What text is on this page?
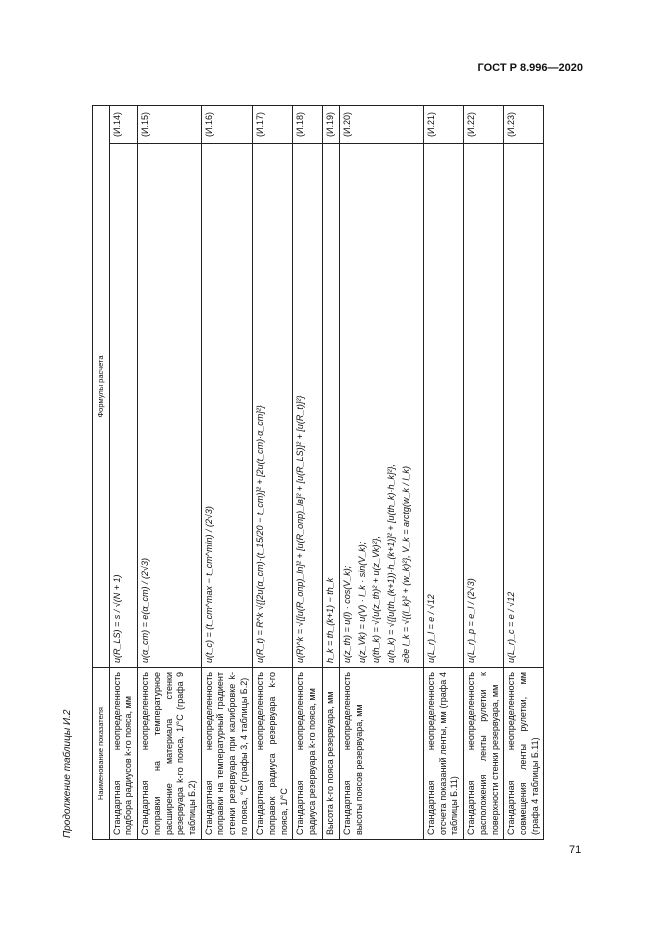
ГОСТ Р 8.996—2020
Продолжение таблицы И.2	Наименование показателя	Формулы расчета	
Стандартная неопределенность подбора радиусов k-го пояса, мм	u(R_LS) = s / √(N + 1)	(И.14)
Стандартная неопределенность поправки на температурное расширение материала стенки резервуара k-го пояса, 1/°С (графа 9 таблицы Б.2)	u(α_ст) = e(α_ст) / (2√3)	(И.15)
Стандартная неопределенность поправки на температурный градиент стенки резервуара при калибровке k-го пояса, °С (графы 3, 4 таблицы Б.2)	u(t_c) = (t_ст^max − t_ст^min) / (2√3)	(И.16)
Стандартная неопределенность поправок радиуса резервуара k-го пояса, 1/°С	u(R_t) = R^k √{[2u(α_ст)·(t_15/20 − t_ст)]² + [2u(t_ст)·α_ст]²}	(И.17)
Стандартная неопределенность радиуса резервуара k-го пояса, мм	u(R)^k = √{[u(R_опр)_ln]² + [u(R_опр)_lв]² + [u(R_LS)]² + [u(R_t)]²}	(И.18)
Высота k-го пояса резервуара, мм	h_k = th_(k+1) − th_k	(И.19)
Стандартная неопределенность высоты поясов резервуара, мм	u(z_th) = u(l) · cos(V_k); u(z_Vk) = u(V) · l_k · sin(V_k); u(th_k) = √{u(z_th)² + u(z_Vk)²}, u(h_k) = √{[u(th_(k+1))·h_(k+1)]² + [u(th_k)·h_k]²}, где l_k = √{(l_k)² + (w_k)²}, V_k = arctg(w_k / l_k)	(И.20)
Стандартная неопределенность отсчета показаний ленты, мм (графа 4 таблицы Б.11)	u(L_r)_l = e / √12	(И.21)
Стандартная неопределенность расположения ленты рулетки к поверхности стенки резервуара, мм	u(L_r)_p = e_l / (2√3)	(И.22)
Стандартная неопределенность совмещения ленты рулетки, мм (графа 4 таблицы Б.11)	u(L_r)_c = e / √12	(И.23)
71
